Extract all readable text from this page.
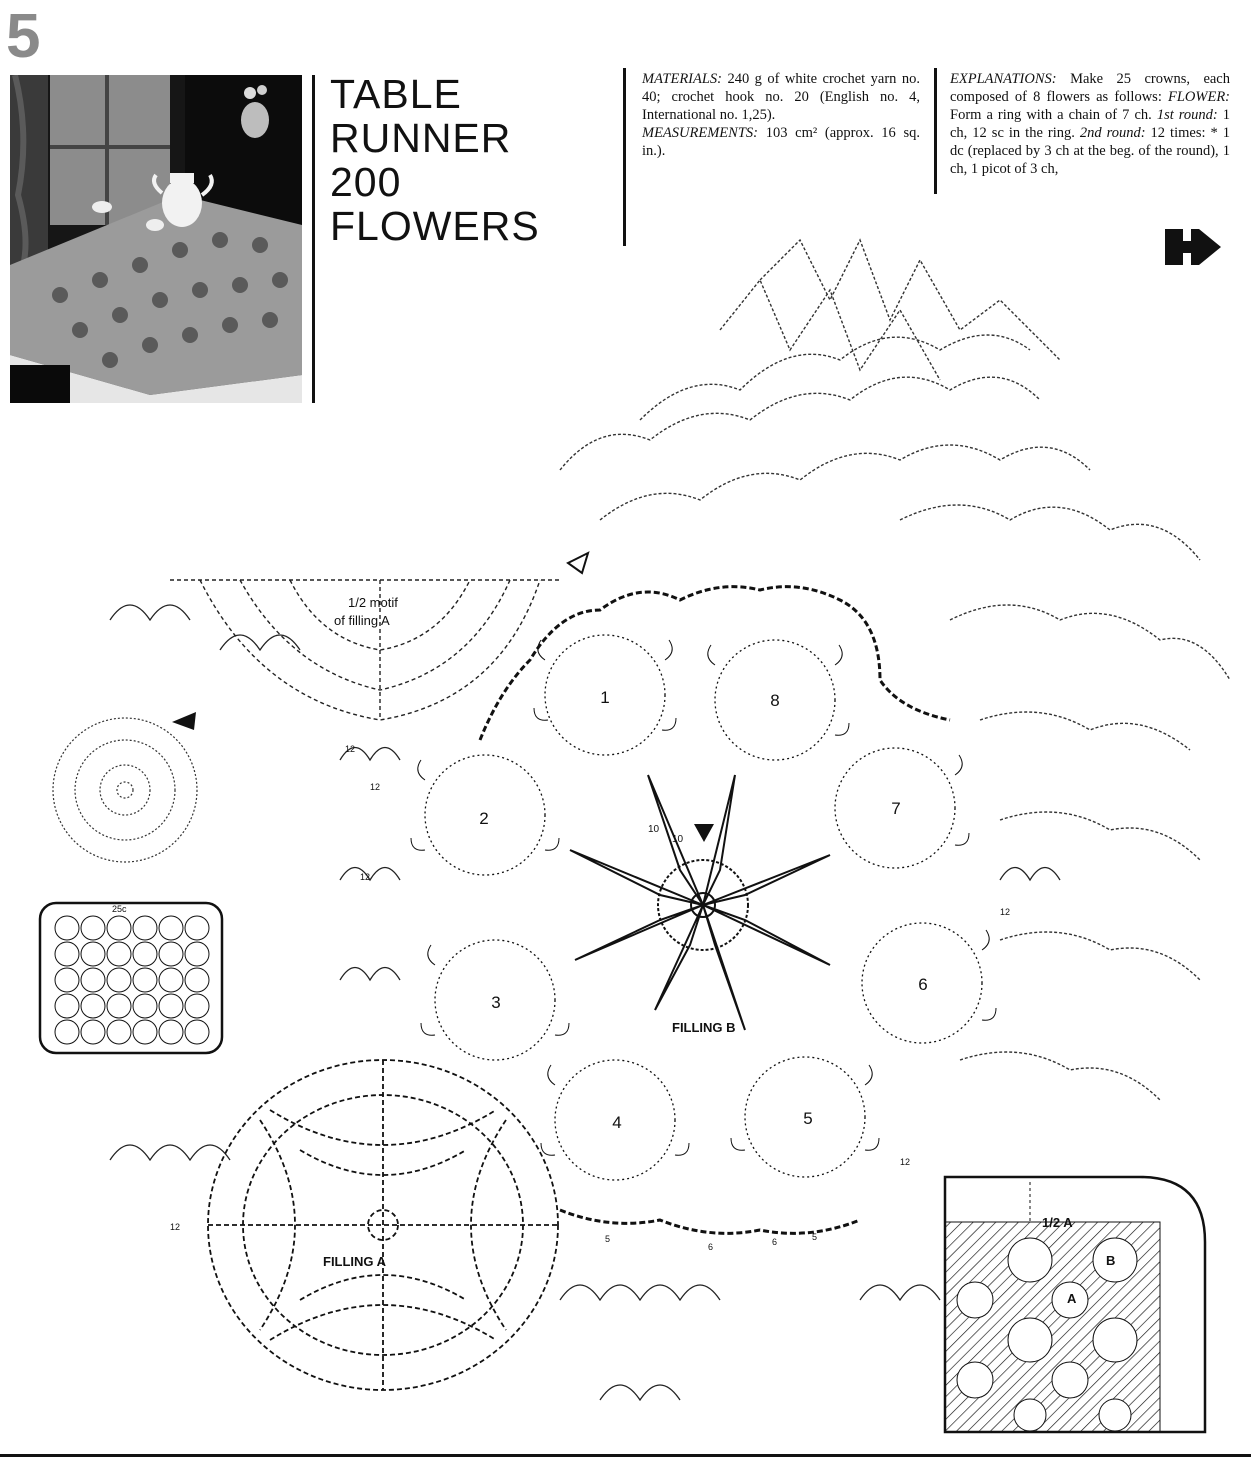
5
TABLE
RUNNER
200
FLOWERS
MATERIALS: 240 g of white crochet yarn no. 40; crochet hook no. 20 (English no. 4, International no. 1,25).
MEASUREMENTS: 103 cm² (approx. 16 sq. in.).
EXPLANATIONS: Make 25 crowns, each composed of 8 flowers as follows: FLOWER: Form a ring with a chain of 7 ch. 1st round: 1 ch, 12 sc in the ring. 2nd round: 12 times: * 1 dc (replaced by 3 ch at the beg. of the round), 1 ch, 1 picot of 3 ch,
1
2
3
4	5
6
7
8
FILLING B
10
10
1/2 motif
of filling A
25c
FILLING A
12
12
12
12
12
12
6	6
5	5
1/2 A
A
B
